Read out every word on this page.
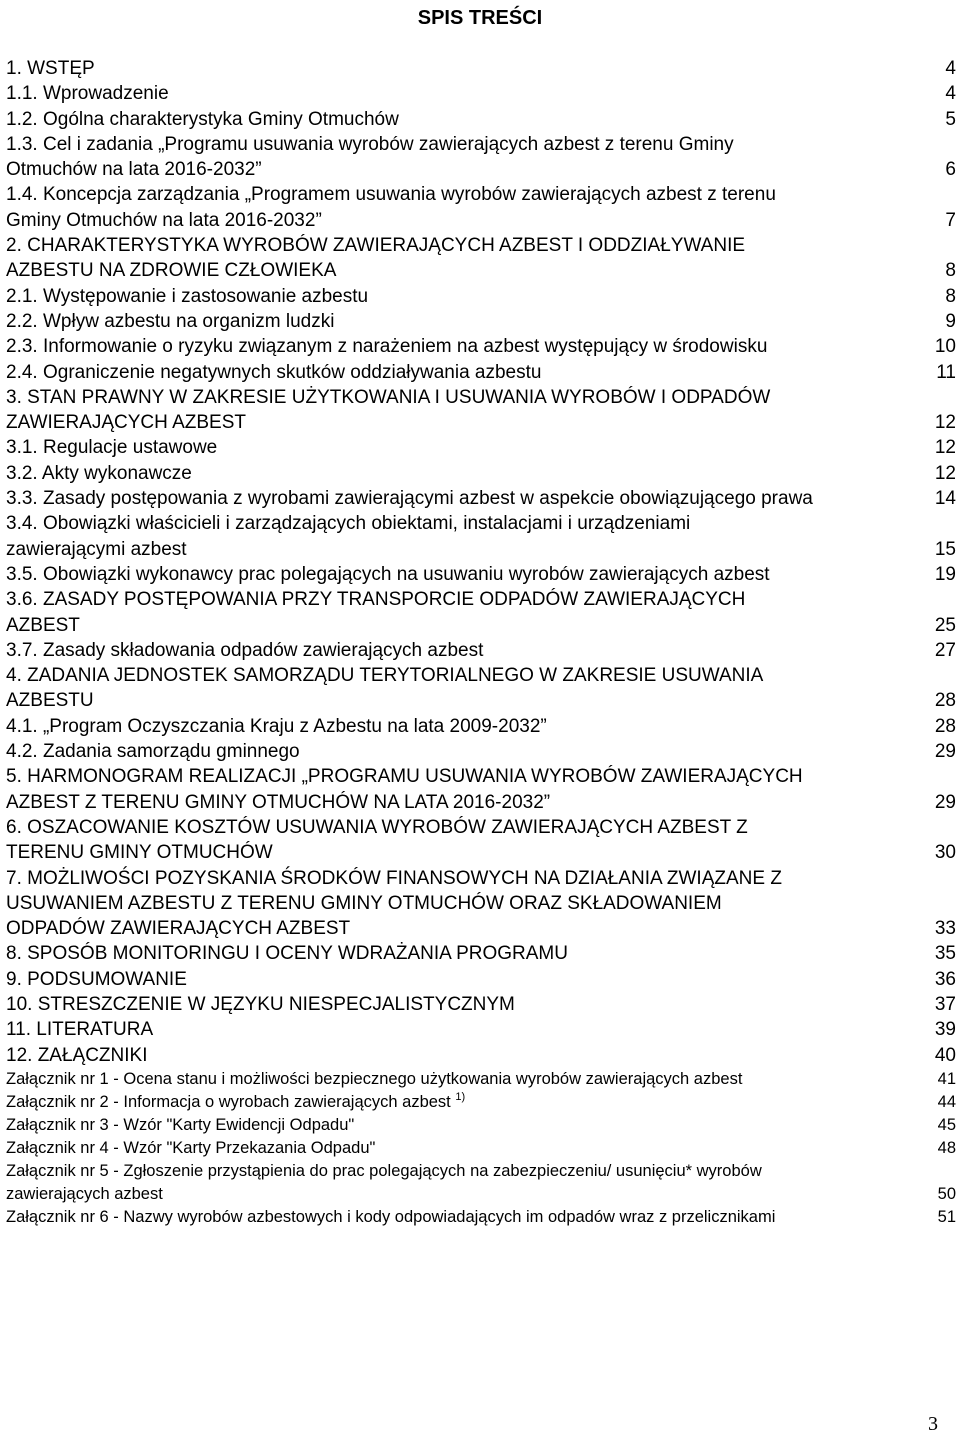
SPIS TREŚCI
1. WSTĘP	4
1.1. Wprowadzenie	4
1.2. Ogólna charakterystyka Gminy Otmuchów	5
1.3. Cel i zadania „Programu usuwania wyrobów zawierających azbest z terenu Gminy
Otmuchów na lata 2016-2032”	6
1.4. Koncepcja zarządzania „Programem usuwania wyrobów zawierających azbest z terenu
Gminy Otmuchów na lata 2016-2032”	7
2. CHARAKTERYSTYKA WYROBÓW ZAWIERAJĄCYCH AZBEST I ODDZIAŁYWANIE
AZBESTU NA ZDROWIE CZŁOWIEKA	8
2.1. Występowanie i zastosowanie azbestu	8
2.2. Wpływ azbestu na organizm ludzki	9
2.3. Informowanie o ryzyku związanym z narażeniem na azbest występujący w środowisku	10
2.4. Ograniczenie negatywnych skutków oddziaływania azbestu	11
3. STAN PRAWNY W ZAKRESIE UŻYTKOWANIA I USUWANIA WYROBÓW I ODPADÓW
ZAWIERAJĄCYCH AZBEST	12
3.1. Regulacje ustawowe	12
3.2. Akty wykonawcze	12
3.3. Zasady postępowania z wyrobami zawierającymi azbest w aspekcie obowiązującego prawa	14
3.4. Obowiązki właścicieli i zarządzających obiektami, instalacjami i urządzeniami
zawierającymi azbest	15
3.5. Obowiązki wykonawcy prac polegających na usuwaniu wyrobów zawierających azbest	19
3.6. ZASADY POSTĘPOWANIA PRZY TRANSPORCIE ODPADÓW ZAWIERAJĄCYCH
AZBEST	25
3.7. Zasady składowania odpadów zawierających azbest	27
4. ZADANIA JEDNOSTEK SAMORZĄDU TERYTORIALNEGO W ZAKRESIE USUWANIA
AZBESTU	28
4.1. „Program Oczyszczania Kraju z Azbestu na lata 2009-2032”	28
4.2. Zadania samorządu gminnego	29
5. HARMONOGRAM REALIZACJI „PROGRAMU USUWANIA WYROBÓW ZAWIERAJĄCYCH
AZBEST Z TERENU GMINY OTMUCHÓW NA LATA 2016-2032”	29
6. OSZACOWANIE KOSZTÓW USUWANIA WYROBÓW ZAWIERAJĄCYCH AZBEST Z
TERENU GMINY OTMUCHÓW	30
7. MOŻLIWOŚCI POZYSKANIA ŚRODKÓW FINANSOWYCH NA DZIAŁANIA ZWIĄZANE Z
USUWANIEM AZBESTU Z TERENU GMINY OTMUCHÓW ORAZ SKŁADOWANIEM
ODPADÓW ZAWIERAJĄCYCH AZBEST	33
8. SPOSÓB MONITORINGU I OCENY WDRAŻANIA PROGRAMU	35
9. PODSUMOWANIE	36
10. STRESZCZENIE W JĘZYKU NIESPECJALISTYCZNYM	37
11. LITERATURA	39
12. ZAŁĄCZNIKI	40
Załącznik nr 1 - Ocena stanu i możliwości bezpiecznego użytkowania wyrobów zawierających azbest	41
Załącznik nr 2 - Informacja o wyrobach zawierających azbest $^{1)}$	44
Załącznik nr 3 - Wzór "Karty Ewidencji Odpadu"	45
Załącznik nr 4 - Wzór "Karty Przekazania Odpadu"	48
Załącznik nr 5 - Zgłoszenie przystąpienia do prac polegających na zabezpieczeniu/ usunięciu* wyrobów
zawierających azbest	50
Załącznik nr 6 - Nazwy wyrobów azbestowych i kody odpowiadających im odpadów wraz z przelicznikami	51
3
